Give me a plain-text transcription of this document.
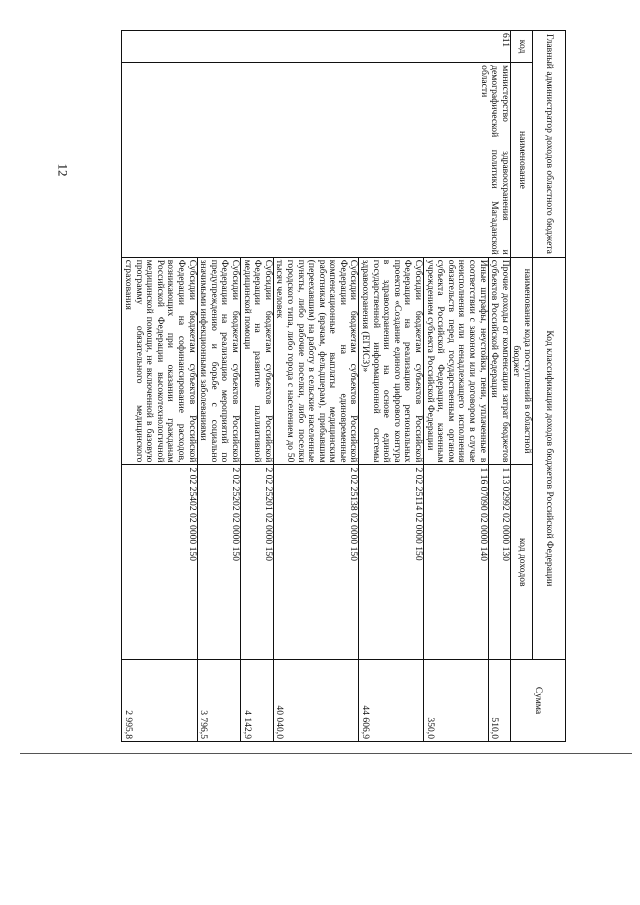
12	Главный администратор доходов областного бюджета		Код классификации доходов бюджетов Российской Федерации		Сумма
код	наименование	наименование кода поступлений в областной бюджет	код доходов	
611	министерство здравоохранения и демографической политики Магаданской области	Прочие доходы от компенсации затрат бюджетов субъектов Российской Федерации	1 13 02992 02 0000 130	510,0
		Иные штрафы, неустойки, пени, уплаченные в соответствии с законом или договором в случае неисполнения или ненадлежащего исполнения обязательств перед государственным органом субъекта Российской Федерации, казенным учреждением субъекта Российской Федерации	1 16 07090 02 0000 140	350,0
		Субсидии бюджетам субъектов Российской Федерации на реализацию региональных проектов «Создание единого цифрового контура в здравоохранении на основе единой государственной информационной системы здравоохранения (ЕГИСЗ)»	2 02 25114 02 0000 150	44 606,9
		Субсидии бюджетам субъектов Российской Федерации на единовременные компенсационные выплаты медицинским работникам (врачам, фельдшерам), прибывшим (переехавшим) на работу в сельские населенные пункты, либо рабочие поселки, либо поселки городского типа, либо города с населением до 50 тысяч человек	2 02 25138 02 0000 150	40 040,0
		Субсидии бюджетам субъектов Российской Федерации на развитие паллиативной медицинской помощи	2 02 25201 02 0000 150	4 142,9
		Субсидии бюджетам субъектов Российской Федерации на реализацию мероприятий по предупреждению и борьбе с социально значимыми инфекционными заболеваниями	2 02 25202 02 0000 150	3 796,5
		Субсидии бюджетам субъектов Российской Федерации на софинансирование расходов, возникающих при оказании гражданам Российской Федерации высокотехнологичной медицинской помощи, не включенной в базовую программу обязательного медицинского страхования	2 02 25402 02 0000 150	2 995,8
